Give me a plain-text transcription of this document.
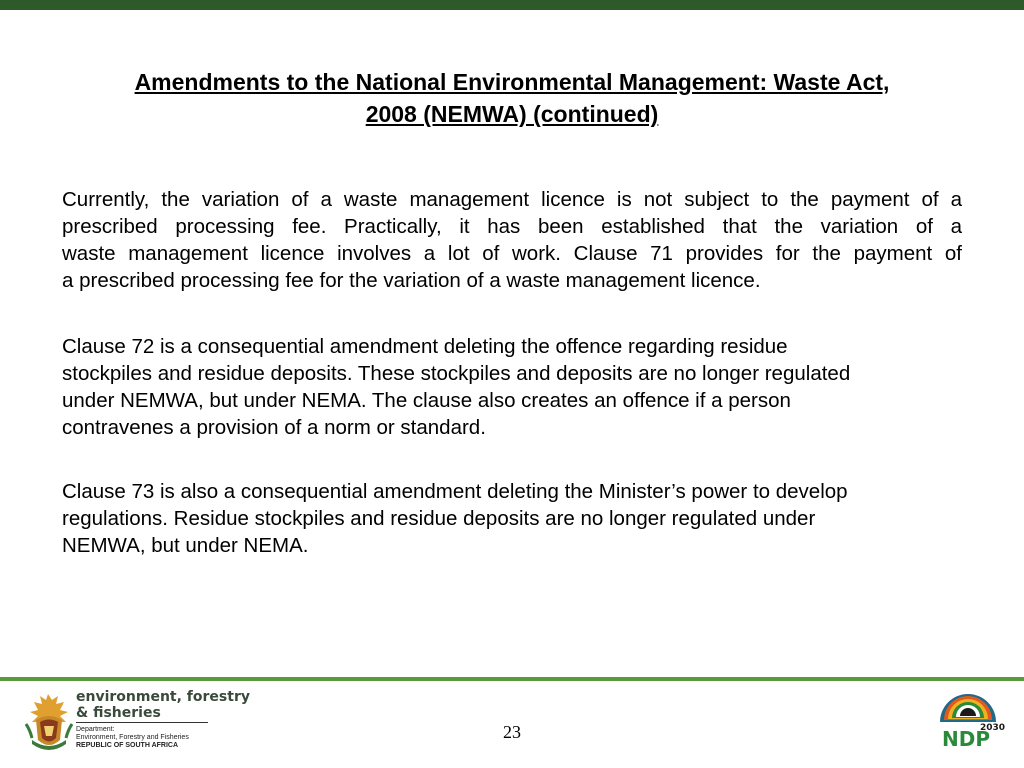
Amendments to the National Environmental Management: Waste Act,
2008 (NEMWA) (continued)
Currently, the variation of a waste management licence is not subject to the payment of a
prescribed processing fee. Practically, it has been established that the variation of a
waste management licence involves a lot of work. Clause 71 provides for the payment of
a prescribed processing fee for the variation of a waste management licence.
Clause 72 is a consequential amendment deleting the offence regarding residue
stockpiles and residue deposits. These stockpiles and deposits are no longer regulated
under NEMWA, but under NEMA. The clause also creates an offence if a person
contravenes a provision of a norm or standard.
Clause 73 is also a consequential amendment deleting the Minister’s power to develop
regulations. Residue stockpiles and residue deposits are no longer regulated under
NEMWA, but under NEMA.
environment, forestry
& fisheries
Department:
Environment, Forestry and Fisheries
REPUBLIC OF SOUTH AFRICA
23	2030
NDP
